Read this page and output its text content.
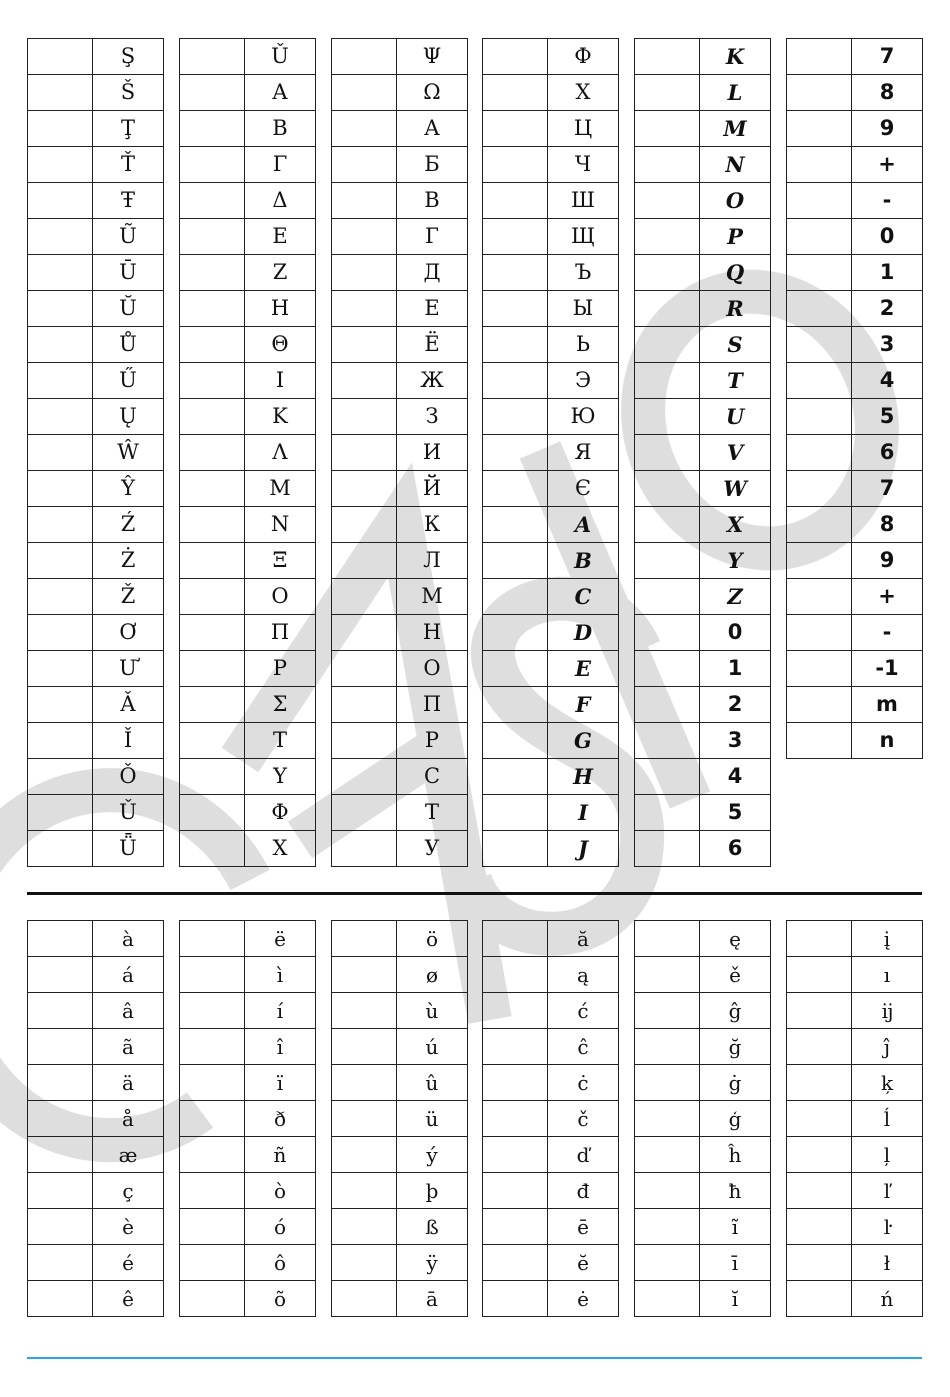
	Ş
	Š
	Ţ
	Ť
	Ŧ
	Ũ
	Ū
	Ŭ
	Ů
	Ű
	Ų
	Ŵ
	Ŷ
	Ź
	Ż
	Ž
	Ơ
	Ư
	Ǎ
	Ǐ
	Ǒ
	Ǔ
	Ǖ
	Ǔ
	Α
	Β
	Γ
	Δ
	Ε
	Ζ
	Η
	Θ
	Ι
	Κ
	Λ
	Μ
	Ν
	Ξ
	Ο
	Π
	Ρ
	Σ
	Τ
	Υ
	Φ
	Χ
	Ψ
	Ω
	А
	Б
	В
	Г
	Д
	Е
	Ё
	Ж
	З
	И
	Й
	К
	Л
	М
	Н
	О
	П
	Р
	С
	Т
	У
	Ф
	Х
	Ц
	Ч
	Ш
	Щ
	Ъ
	Ы
	Ь
	Э
	Ю
	Я
	Є
	A
	B
	C
	D
	E
	F
	G
	H
	I
	J
	K
	L
	M
	N
	O
	P
	Q
	R
	S
	T
	U
	V
	W
	X
	Y
	Z
	0
	1
	2
	3
	4
	5
	6
	7
	8
	9
	+
	-
	0
	1
	2
	3
	4
	5
	6
	7
	8
	9
	+
	-
	-1
	m
	n
	à
	á
	â
	ã
	ä
	å
	æ
	ç
	è
	é
	ê
	ë
	ì
	í
	î
	ï
	ð
	ñ
	ò
	ó
	ô
	õ
	ö
	ø
	ù
	ú
	û
	ü
	ý
	þ
	ß
	ÿ
	ā
	ă
	ą
	ć
	ĉ
	ċ
	č
	ď
	đ
	ē
	ĕ
	ė
	ę
	ě
	ĝ
	ğ
	ġ
	ģ
	ĥ
	ħ
	ĩ
	ī
	ĭ
	į
	ı
	ĳ
	ĵ
	ķ
	ĺ
	ļ
	ľ
	ŀ
	ł
	ń
